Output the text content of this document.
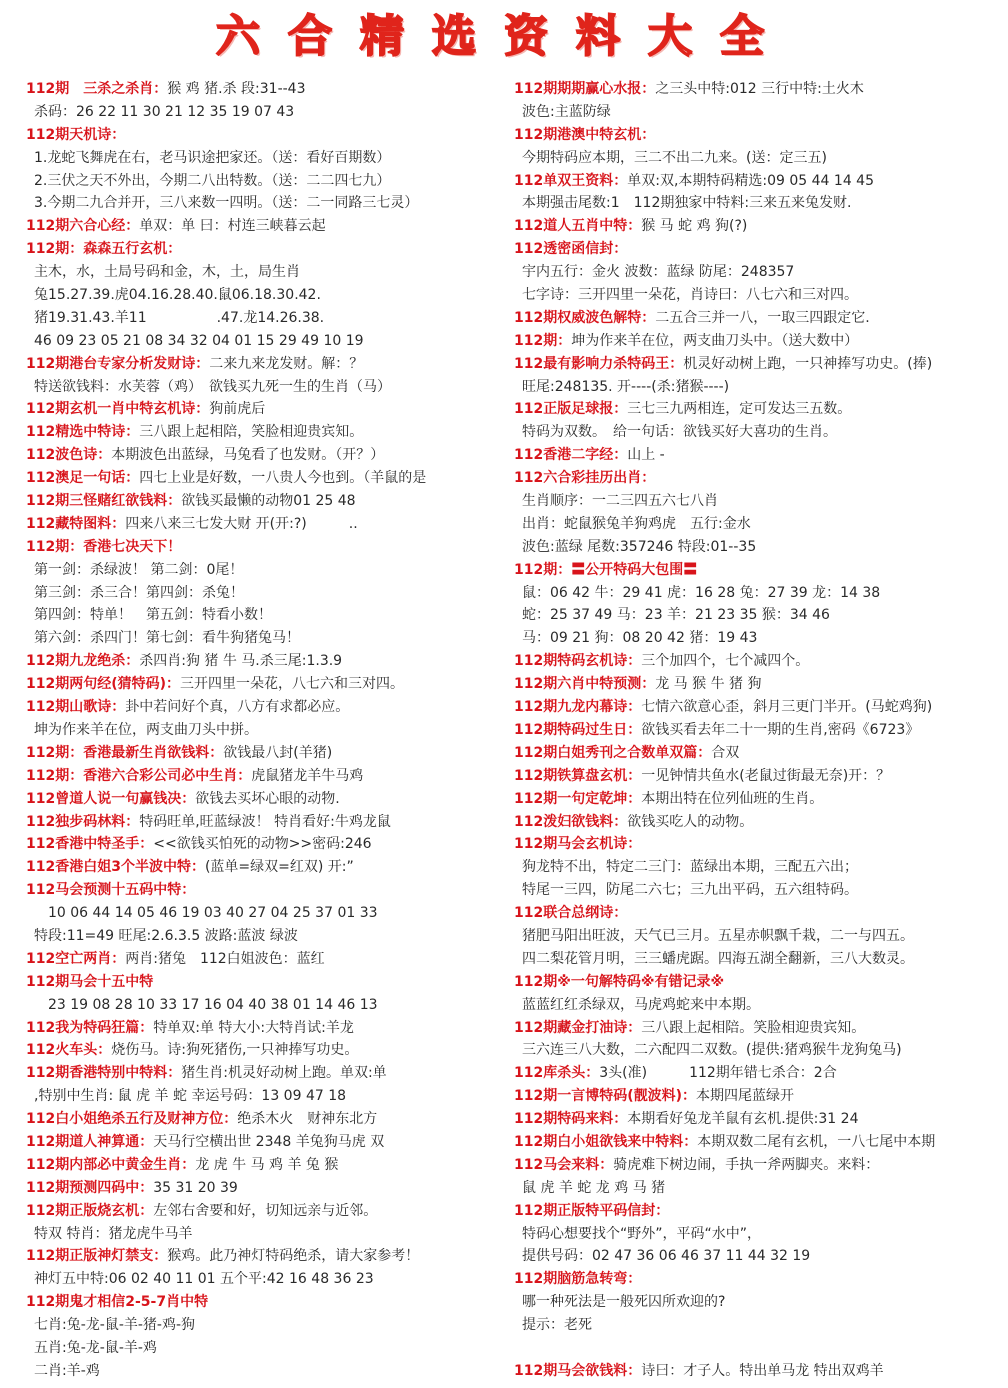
六合精选资料大全
112期　三杀之杀肖：猴 鸡 猪.杀 段:31--43
杀码：26 22 11 30 21 12 35 19 07 43
112期天机诗：
1.龙蛇飞舞虎在右，老马识途把家还。（送：看好百期数）
2.三伏之天不外出，今期二八出特数。（送：二二四七九）
3.今期二九合并开，三八来数一四明。（送：二一同路三七灵）
112期六合心经：单双：单 曰：村连三峡暮云起
112期：森森五行玄机：
主木，水，土局号码和金，木，土，局生肖
兔15.27.39.虎04.16.28.40.鼠06.18.30.42.
猪19.31.43.羊11　　　　　.47.龙14.26.38.
46 09 23 05 21 08 34 32 04 01 15 29 49 10 19
112期港台专家分析发财诗：二来九来龙发财。解：？
特送欲钱料：水芙蓉（鸡）　欲钱买九死一生的生肖（马）
112期玄机一肖中特玄机诗：狗前虎后
112精选中特诗：三八跟上起相陪，笑脸相迎贵宾知。
112波色诗：本期波色出蓝绿，马兔看了也发财。（开？）
112澳足一句话：四七上业是好数，一八贵人今也到。（羊鼠的是
112期三怪赌红欲钱料：欲钱买最懒的动物01 25 48
112藏特图料：四来八来三七发大财 开(开:?)　　　..
112期：香港七决天下！
第一剑：杀绿波！ 第二剑：0尾！
第三剑：杀三合！第四剑：杀兔！
第四剑：特单！　第五剑：特看小数！
第六剑：杀四门！第七剑：看牛狗猪兔马！
112期九龙绝杀：杀四肖:狗 猪 牛 马.杀三尾:1.3.9
112期两句经(猜特码)：三开四里一朵花，八七六和三对四。
112期山歌诗：卦中若问好个真，八方有求都必应。
坤为作来羊在位，两支曲刀头中拼。
112期：香港最新生肖欲钱料：欲钱最八封(羊猪)
112期：香港六合彩公司必中生肖：虎鼠猪龙羊牛马鸡
112曾道人说一句赢钱决：欲钱去买坏心眼的动物.
112独步码林料：特码旺单,旺蓝绿波！ 特肖看好:牛鸡龙鼠
112香港中特圣手：<<欲钱买怕死的动物>>密码:246
112香港白姐3个半波中特：(蓝单=绿双=红双) 开:”
112马会预测十五码中特：
　10 06 44 14 05 46 19 03 40 27 04 25 37 01 33
特段:11=49 旺尾:2.6.3.5 波路:蓝波 绿波
112空亡两肖：两肖:猪兔　112白姐波色：蓝红
112期马会十五中特
　23 19 08 28 10 33 17 16 04 40 38 01 14 46 13
112我为特码狂篇：特单双:单 特大小:大特肖试:羊龙
112火车头：烧伤马。诗:狗死猪伤,一只神捧写功史。
112期香港特别中特料：猪生肖:机灵好动树上跑。单双:单
,特别中生肖: 鼠 虎 羊 蛇 幸运号码：13 09 47 18
112白小姐绝杀五行及财神方位：绝杀木火　财神东北方
112期道人神算通：天马行空横出世 2348 羊兔狗马虎 双
112期内部必中黄金生肖：龙 虎 牛 马 鸡 羊 兔 猴
112期预测四码中：35 31 20 39
112期正版烧玄机：左邻右舍要和好，切知远亲与近邻。
特双 特肖：猪龙虎牛马羊
112期正版神灯禁支：猴鸡。此乃神灯特码绝杀，请大家参考！
神灯五中特:06 02 40 11 01 五个平:42 16 48 36 23
112期鬼才相信2-5-7肖中特
七肖:兔-龙-鼠-羊-猪-鸡-狗
五肖:兔-龙-鼠-羊-鸡
二肖:羊-鸡
112期期期赢心水报：之三头中特:012 三行中特:土火木
波色:主蓝防绿
112期港澳中特玄机：
今期特码应本期，三二不出二九来。(送：定三五)
112单双王资料：单双:双,本期特码精选:09 05 44 14 45
本期强击尾数:1　112期独家中特料:三来五来兔发财.
112道人五肖中特：猴 马 蛇 鸡 狗(?)
112透密函信封：
宇内五行：金火 波数：蓝绿 防尾：248357
七字诗：三开四里一朵花，肖诗曰：八七六和三对四。
112期权威波色解特：二五合三并一八，一取三四跟定它.
112期：坤为作来羊在位，两支曲刀头中。（送大数中）
112最有影响力杀特码王：机灵好动树上跑，一只神捧写功史。(捧)
旺尾:248135. 开----(杀:猪猴----)
112正版足球报：三七三九两相连，定可发达三五数。
特码为双数。　给一句话：欲钱买好大喜功的生肖。
112香港二字经：山上 -
112六合彩挂历出肖：
生肖顺序：一二三四五六七八肖
出肖：蛇鼠猴兔羊狗鸡虎　五行:金水
波色:蓝绿 尾数:357246 特段:01--35
112期：〓公开特码大包围〓
鼠：06 42 牛：29 41 虎：16 28 兔：27 39 龙：14 38
蛇：25 37 49 马：23 羊：21 23 35 猴：34 46
马：09 21 狗：08 20 42 猪：19 43
112期特码玄机诗：三个加四个，七个减四个。
112期六肖中特预测：龙 马 猴 牛 猪 狗
112期九龙内幕诗：七情六欲意心歪，斜月三更门半开。(马蛇鸡狗)
112期特码过生日：欲钱买看去年二十一期的生肖,密码《6723》
112期白姐秀刊之合数单双篇：合双
112期铁算盘玄机：一见钟情共鱼水(老鼠过街最无奈)开：？
112期一句定乾坤：本期出特在位列仙班的生肖。
112泼妇欲钱料：欲钱买吃人的动物。
112期马会玄机诗：
狗龙特不出，特定二三门：蓝绿出本期，三配五六出；
特尾一三四，防尾二六七；三九出平码，五六组特码。
112联合总纲诗：
猪肥马阳出旺波，天气已三月。五星赤帜飘千栽，二一与四五。
四二梨花管月明，三三蟠虎踞。四海五湖全翻新，三八大数灵。
112期※一句解特码※有错记录※
蓝蓝红红杀绿双，马虎鸡蛇来中本期。
112期藏金打油诗：三八跟上起相陪。笑脸相迎贵宾知。
三六连三八大数，二六配四二双数。(提供:猪鸡猴牛龙狗兔马)
112库杀头：3头(准)　　　112期年错七杀合：2合
112期一言博特码(靓波料)：本期四尾蓝绿开
112期特码来料：本期看好兔龙羊鼠有玄机.提供:31 24
112期白小姐欲钱来中特料：本期双数二尾有玄机，一八七尾中本期
112马会来料：骑虎难下树边闹，手执一斧两脚夹。来料：
鼠 虎 羊 蛇 龙 鸡 马 猪
112期正版特平码信封：
特码心想要找个“野外”，平码“水中”，
提供号码：02 47 36 06 46 37 11 44 32 19
112期脑筋急转弯：
哪一种死法是一般死囚所欢迎的?
提示：老死
112期马会欲钱料：诗曰：才子人。特出单马龙 特出双鸡羊
